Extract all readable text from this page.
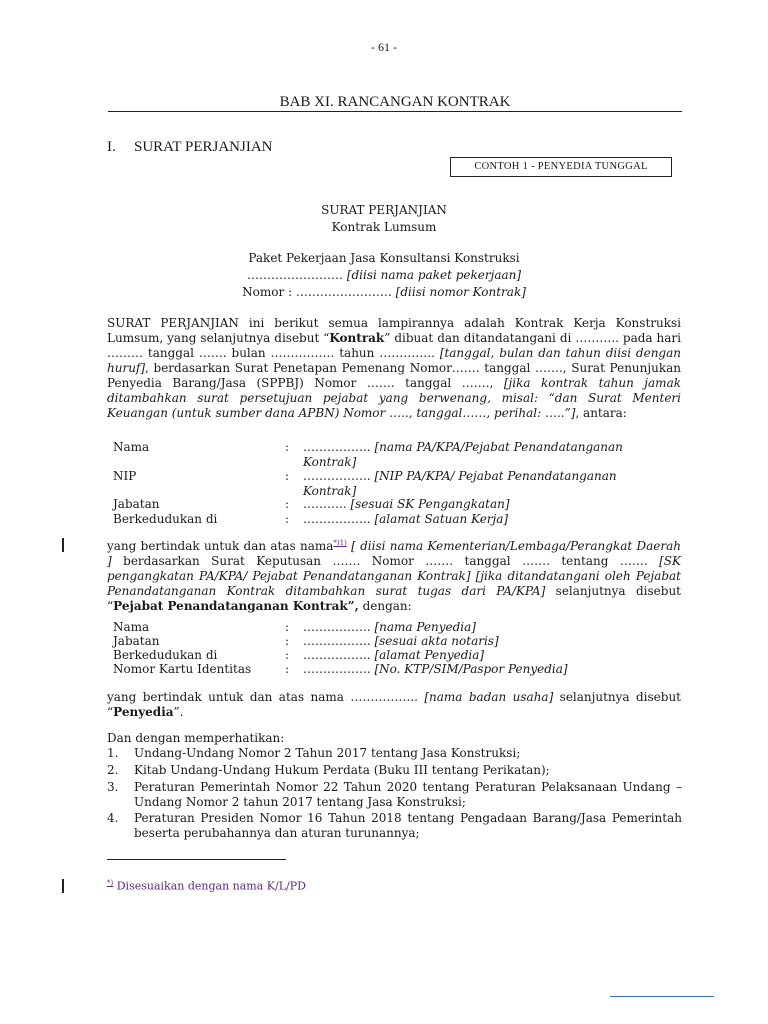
- 61 -
BAB XI. RANCANGAN KONTRAK
I. SURAT PERJANJIAN
CONTOH 1 - PENYEDIA TUNGGAL
SURAT PERJANJIAN
Kontrak Lumsum
Paket Pekerjaan Jasa Konsultansi Konstruksi
…………………… [diisi nama paket pekerjaan]
Nomor : …………………… [diisi nomor Kontrak]

SURAT PERJANJIAN ini berikut semua lampirannya adalah Kontrak Kerja Konstruksi Lumsum, yang selanjutnya disebut “Kontrak” dibuat dan ditandatangani di ……….. pada hari ……… tanggal ……. bulan ……………. tahun ………….. [tanggal, bulan dan tahun diisi dengan huruf], berdasarkan Surat Penetapan Pemenang Nomor……. tanggal ……., Surat Penunjukan Penyedia Barang/Jasa (SPPBJ) Nomor ……. tanggal ……., [jika kontrak tahun jamak ditambahkan surat persetujuan pejabat yang berwenang, misal: “dan Surat Menteri Keuangan (untuk sumber dana APBN) Nomor ….., tanggal……, perihal: …..”], antara:

Nama	: …………….. [nama PA/KPA/Pejabat Penandatanganan Kontrak]
NIP	: …………….. [NIP PA/KPA/ Pejabat Penandatanganan Kontrak]
Jabatan	: ……….. [sesuai SK Pengangkatan]
Berkedudukan di	: …………….. [alamat Satuan Kerja]

yang bertindak untuk dan atas nama$^{*)1)}$ [ diisi nama Kementerian/Lembaga/Perangkat Daerah ] berdasarkan Surat Keputusan ……. Nomor ……. tanggal ……. tentang ……. [SK pengangkatan PA/KPA/ Pejabat Penandatanganan Kontrak] [jika ditandatangani oleh Pejabat Penandatanganan Kontrak ditambahkan surat tugas dari PA/KPA] selanjutnya disebut “Pejabat Penandatanganan Kontrak”, dengan:

Nama	: …………….. [nama Penyedia]
Jabatan	: …………….. [sesuai akta notaris]
Berkedudukan di	: …………….. [alamat Penyedia]
Nomor Kartu Identitas	: …………….. [No. KTP/SIM/Paspor Penyedia]

yang bertindak untuk dan atas nama …………….. [nama badan usaha] selanjutnya disebut “Penyedia”.

Dan dengan memperhatikan:
1. Undang-Undang Nomor 2 Tahun 2017 tentang Jasa Konstruksi;
2. Kitab Undang-Undang Hukum Perdata (Buku III tentang Perikatan);
3. Peraturan Pemerintah Nomor 22 Tahun 2020 tentang Peraturan Pelaksanaan Undang – Undang Nomor 2 tahun 2017 tentang Jasa Konstruksi;
4. Peraturan Presiden Nomor 16 Tahun 2018 tentang Pengadaan Barang/Jasa Pemerintah beserta perubahannya dan aturan turunannya;
*) Disesuaikan dengan nama K/L/PD
